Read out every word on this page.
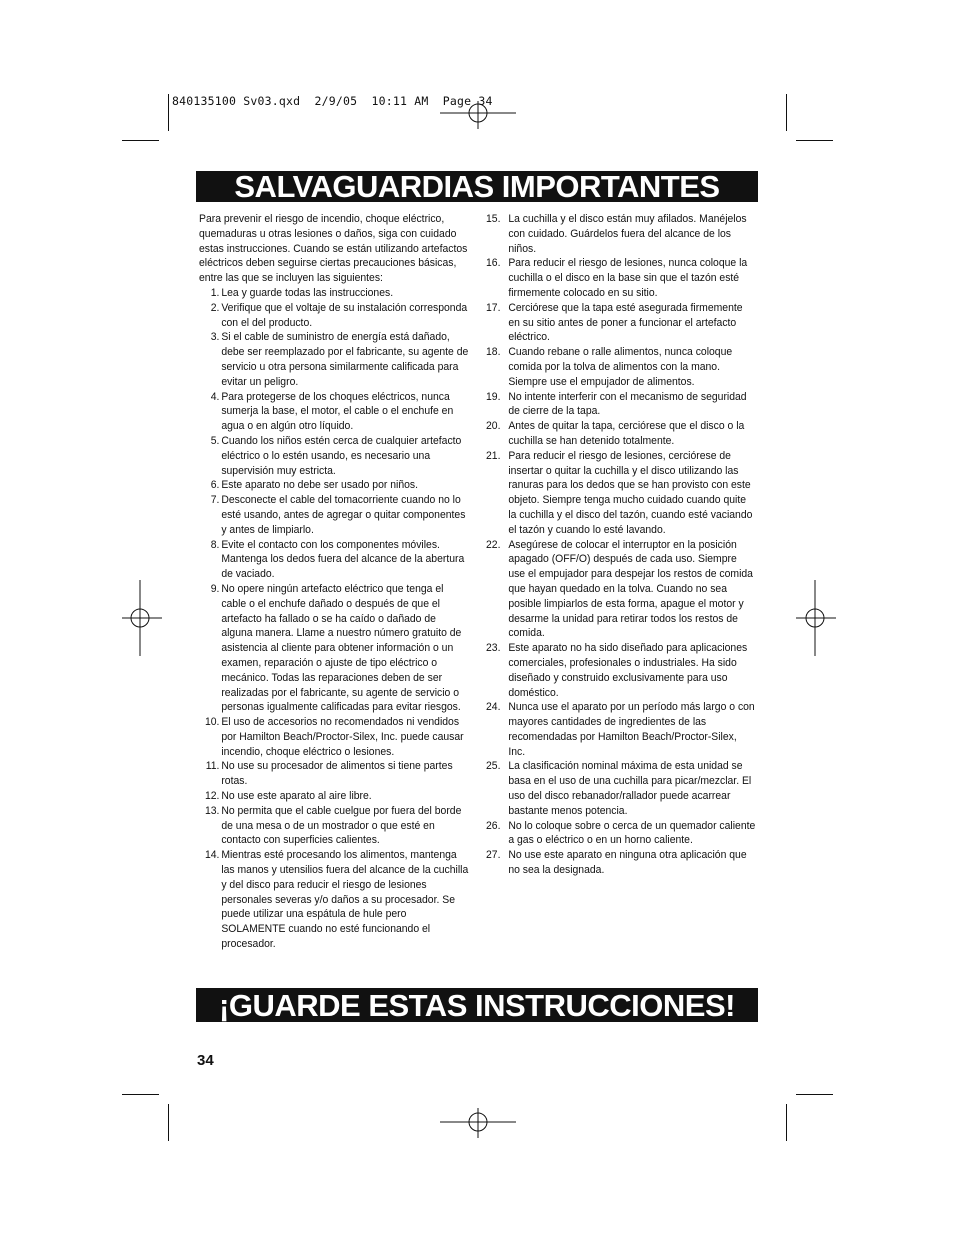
840135100 Sv03.qxd  2/9/05  10:11 AM  Page 34
SALVAGUARDIAS IMPORTANTES

Para prevenir el riesgo de incendio, choque eléctrico, quemaduras u otras lesiones o daños, siga con cuidado estas instrucciones. Cuando se están utilizando artefactos eléctricos deben seguirse ciertas precauciones básicas, entre las que se incluyen las siguientes:

1. Lea y guarde todas las instrucciones.
2. Verifique que el voltaje de su instalación corresponda con el del producto.
3. Si el cable de suministro de energía está dañado, debe ser reemplazado por el fabricante, su agente de servicio u otra persona similarmente calificada para evitar un peligro.
4. Para protegerse de los choques eléctricos, nunca sumerja la base, el motor, el cable o el enchufe en agua o en algún otro líquido.
5. Cuando los niños estén cerca de cualquier artefacto eléctrico o lo estén usando, es necesario una supervisión muy estricta.
6. Este aparato no debe ser usado por niños.
7. Desconecte el cable del tomacorriente cuando no lo esté usando, antes de agregar o quitar componentes y antes de limpiarlo.
8. Evite el contacto con los componentes móviles. Mantenga los dedos fuera del alcance de la abertura de vaciado.
9. No opere ningún artefacto eléctrico que tenga el cable o el enchufe dañado o después de que el artefacto ha fallado o se ha caído o dañado de alguna manera. Llame a nuestro número gratuito de asistencia al cliente para obtener información o un examen, reparación o ajuste de tipo eléctrico o mecánico. Todas las reparaciones deben de ser realizadas por el fabricante, su agente de servicio o personas igualmente calificadas para evitar riesgos.
10. El uso de accesorios no recomendados ni vendidos por Hamilton Beach/Proctor-Silex, Inc. puede causar incendio, choque eléctrico o lesiones.
11. No use su procesador de alimentos si tiene partes rotas.
12. No use este aparato al aire libre.
13. No permita que el cable cuelgue por fuera del borde de una mesa o de un mostrador o que esté en contacto con superficies calientes.
14. Mientras esté procesando los alimentos, mantenga las manos y utensilios fuera del alcance de la cuchilla y del disco para reducir el riesgo de lesiones personales severas y/o daños a su procesador. Se puede utilizar una espátula de hule pero SOLAMENTE cuando no esté funcionando el procesador.
15. La cuchilla y el disco están muy afilados. Manéjelos con cuidado. Guárdelos fuera del alcance de los niños.
16. Para reducir el riesgo de lesiones, nunca coloque la cuchilla o el disco en la base sin que el tazón esté firmemente colocado en su sitio.
17. Cerciórese que la tapa esté asegurada firmemente en su sitio antes de poner a funcionar el artefacto eléctrico.
18. Cuando rebane o ralle alimentos, nunca coloque comida por la tolva de alimentos con la mano. Siempre use el empujador de alimentos.
19. No intente interferir con el mecanismo de seguridad de cierre de la tapa.
20. Antes de quitar la tapa, cerciórese que el disco o la cuchilla se han detenido totalmente.
21. Para reducir el riesgo de lesiones, cerciórese de insertar o quitar la cuchilla y el disco utilizando las ranuras para los dedos que se han provisto con este objeto. Siempre tenga mucho cuidado cuando quite la cuchilla y el disco del tazón, cuando esté vaciando el tazón y cuando lo esté lavando.
22. Asegúrese de colocar el interruptor en la posición apagado (OFF/O) después de cada uso. Siempre use el empujador para despejar los restos de comida que hayan quedado en la tolva. Cuando no sea posible limpiarlos de esta forma, apague el motor y desarme la unidad para retirar todos los restos de comida.
23. Este aparato no ha sido diseñado para aplicaciones comerciales, profesionales o industriales. Ha sido diseñado y construido exclusivamente para uso doméstico.
24. Nunca use el aparato por un período más largo o con mayores cantidades de ingredientes de las recomendadas por Hamilton Beach/Proctor-Silex, Inc.
25. La clasificación nominal máxima de esta unidad se basa en el uso de una cuchilla para picar/mezclar. El uso del disco rebanador/rallador puede acarrear bastante menos potencia.
26. No lo coloque sobre o cerca de un quemador caliente a gas o eléctrico o en un horno caliente.
27. No use este aparato en ninguna otra aplicación que no sea la designada.
¡GUARDE ESTAS INSTRUCCIONES!
34
